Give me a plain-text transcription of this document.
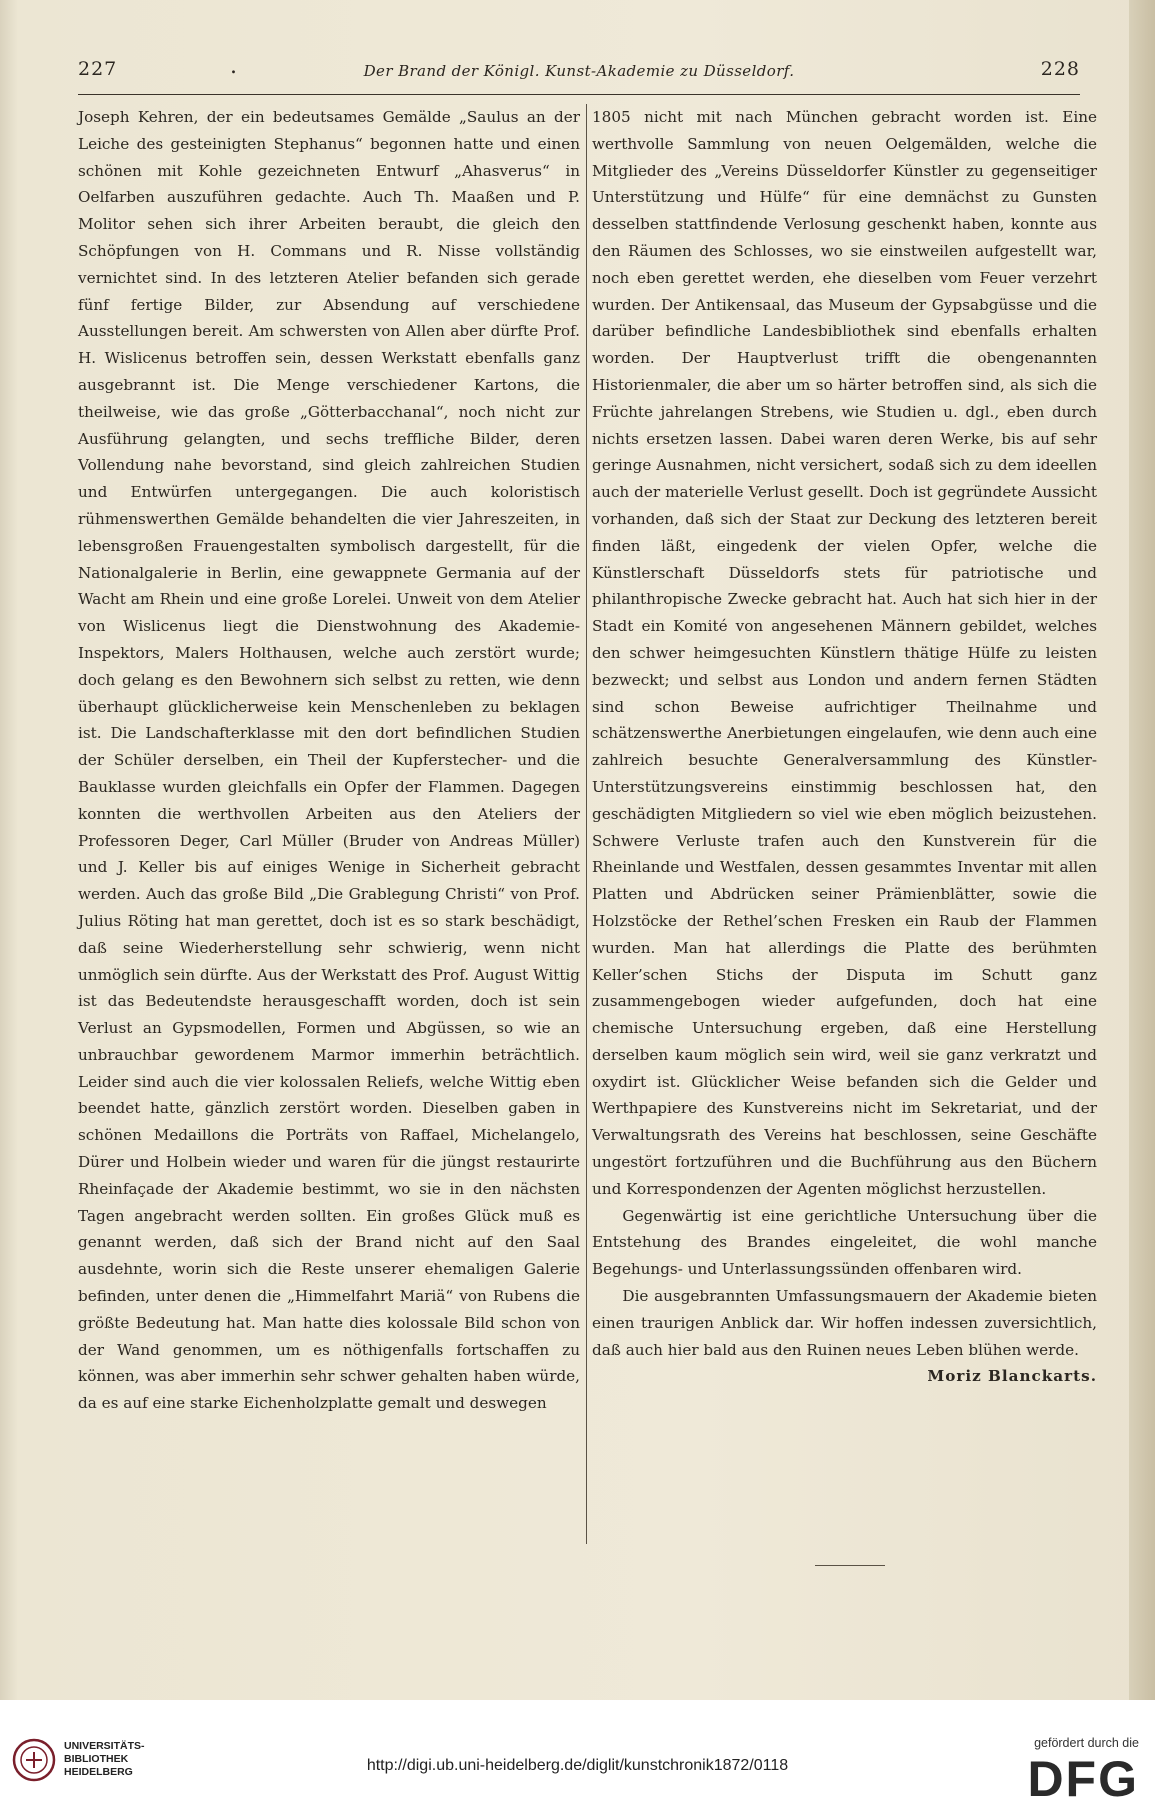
227	.	Der Brand der Königl. Kunst-Akademie zu Düsseldorf.	228

Joseph Kehren, der ein bedeutsames Gemälde „Saulus an der Leiche des gesteinigten Stephanus“ begonnen hatte und einen schönen mit Kohle gezeichneten Entwurf „Ahasverus“ in Oelfarben auszuführen gedachte. Auch Th. Maaßen und P. Molitor sehen sich ihrer Arbeiten beraubt, die gleich den Schöpfungen von H. Commans und R. Nisse vollständig vernichtet sind. In des letzteren Atelier befanden sich gerade fünf fertige Bilder, zur Absendung auf verschiedene Ausstellungen bereit. Am schwersten von Allen aber dürfte Prof. H. Wislicenus betroffen sein, dessen Werkstatt ebenfalls ganz ausgebrannt ist. Die Menge verschiedener Kartons, die theilweise, wie das große „Götterbacchanal“, noch nicht zur Ausführung gelangten, und sechs treffliche Bilder, deren Vollendung nahe bevorstand, sind gleich zahlreichen Studien und Entwürfen untergegangen. Die auch koloristisch rühmenswerthen Gemälde behandelten die vier Jahreszeiten, in lebensgroßen Frauengestalten symbolisch dargestellt, für die Nationalgalerie in Berlin, eine gewappnete Germania auf der Wacht am Rhein und eine große Lorelei. Unweit von dem Atelier von Wislicenus liegt die Dienstwohnung des Akademie-Inspektors, Malers Holthausen, welche auch zerstört wurde; doch gelang es den Bewohnern sich selbst zu retten, wie denn überhaupt glücklicherweise kein Menschenleben zu beklagen ist. Die Landschafterklasse mit den dort befindlichen Studien der Schüler derselben, ein Theil der Kupferstecher- und die Bauklasse wurden gleichfalls ein Opfer der Flammen. Dagegen konnten die werthvollen Arbeiten aus den Ateliers der Professoren Deger, Carl Müller (Bruder von Andreas Müller) und J. Keller bis auf einiges Wenige in Sicherheit gebracht werden. Auch das große Bild „Die Grablegung Christi“ von Prof. Julius Röting hat man gerettet, doch ist es so stark beschädigt, daß seine Wiederherstellung sehr schwierig, wenn nicht unmöglich sein dürfte. Aus der Werkstatt des Prof. August Wittig ist das Bedeutendste herausgeschafft worden, doch ist sein Verlust an Gypsmodellen, Formen und Abgüssen, so wie an unbrauchbar gewordenem Marmor immerhin beträchtlich. Leider sind auch die vier kolossalen Reliefs, welche Wittig eben beendet hatte, gänzlich zerstört worden. Dieselben gaben in schönen Medaillons die Porträts von Raffael, Michelangelo, Dürer und Holbein wieder und waren für die jüngst restaurirte Rheinfaçade der Akademie bestimmt, wo sie in den nächsten Tagen angebracht werden sollten. Ein großes Glück muß es genannt werden, daß sich der Brand nicht auf den Saal ausdehnte, worin sich die Reste unserer ehemaligen Galerie befinden, unter denen die „Himmelfahrt Mariä“ von Rubens die größte Bedeutung hat. Man hatte dies kolossale Bild schon von der Wand genommen, um es nöthigenfalls fortschaffen zu können, was aber immerhin sehr schwer gehalten haben würde, da es auf eine starke Eichenholzplatte gemalt und deswegen

1805 nicht mit nach München gebracht worden ist. Eine werthvolle Sammlung von neuen Oelgemälden, welche die Mitglieder des „Vereins Düsseldorfer Künstler zu gegenseitiger Unterstützung und Hülfe“ für eine demnächst zu Gunsten desselben stattfindende Verlosung geschenkt haben, konnte aus den Räumen des Schlosses, wo sie einstweilen aufgestellt war, noch eben gerettet werden, ehe dieselben vom Feuer verzehrt wurden. Der Antikensaal, das Museum der Gypsabgüsse und die darüber befindliche Landesbibliothek sind ebenfalls erhalten worden. Der Hauptverlust trifft die obengenannten Historienmaler, die aber um so härter betroffen sind, als sich die Früchte jahrelangen Strebens, wie Studien u. dgl., eben durch nichts ersetzen lassen. Dabei waren deren Werke, bis auf sehr geringe Ausnahmen, nicht versichert, sodaß sich zu dem ideellen auch der materielle Verlust gesellt. Doch ist gegründete Aussicht vorhanden, daß sich der Staat zur Deckung des letzteren bereit finden läßt, eingedenk der vielen Opfer, welche die Künstlerschaft Düsseldorfs stets für patriotische und philanthropische Zwecke gebracht hat. Auch hat sich hier in der Stadt ein Komité von angesehenen Männern gebildet, welches den schwer heimgesuchten Künstlern thätige Hülfe zu leisten bezweckt; und selbst aus London und andern fernen Städten sind schon Beweise aufrichtiger Theilnahme und schätzenswerthe Anerbietungen eingelaufen, wie denn auch eine zahlreich besuchte Generalversammlung des Künstler-Unterstützungsvereins einstimmig beschlossen hat, den geschädigten Mitgliedern so viel wie eben möglich beizustehen. Schwere Verluste trafen auch den Kunstverein für die Rheinlande und Westfalen, dessen gesammtes Inventar mit allen Platten und Abdrücken seiner Prämienblätter, sowie die Holzstöcke der Rethel’schen Fresken ein Raub der Flammen wurden. Man hat allerdings die Platte des berühmten Keller’schen Stichs der Disputa im Schutt ganz zusammengebogen wieder aufgefunden, doch hat eine chemische Untersuchung ergeben, daß eine Herstellung derselben kaum möglich sein wird, weil sie ganz verkratzt und oxydirt ist. Glücklicher Weise befanden sich die Gelder und Werthpapiere des Kunstvereins nicht im Sekretariat, und der Verwaltungsrath des Vereins hat beschlossen, seine Geschäfte ungestört fortzuführen und die Buchführung aus den Büchern und Korrespondenzen der Agenten möglichst herzustellen.

Gegenwärtig ist eine gerichtliche Untersuchung über die Entstehung des Brandes eingeleitet, die wohl manche Begehungs- und Unterlassungssünden offenbaren wird.

Die ausgebrannten Umfassungsmauern der Akademie bieten einen traurigen Anblick dar. Wir hoffen indessen zuversichtlich, daß auch hier bald aus den Ruinen neues Leben blühen werde.

Moriz Blanckarts.
UNIVERSITÄTS-
BIBLIOTHEK
HEIDELBERG	http://digi.ub.uni-heidelberg.de/diglit/kunstchronik1872/0118
gefördert durch die
DFG
